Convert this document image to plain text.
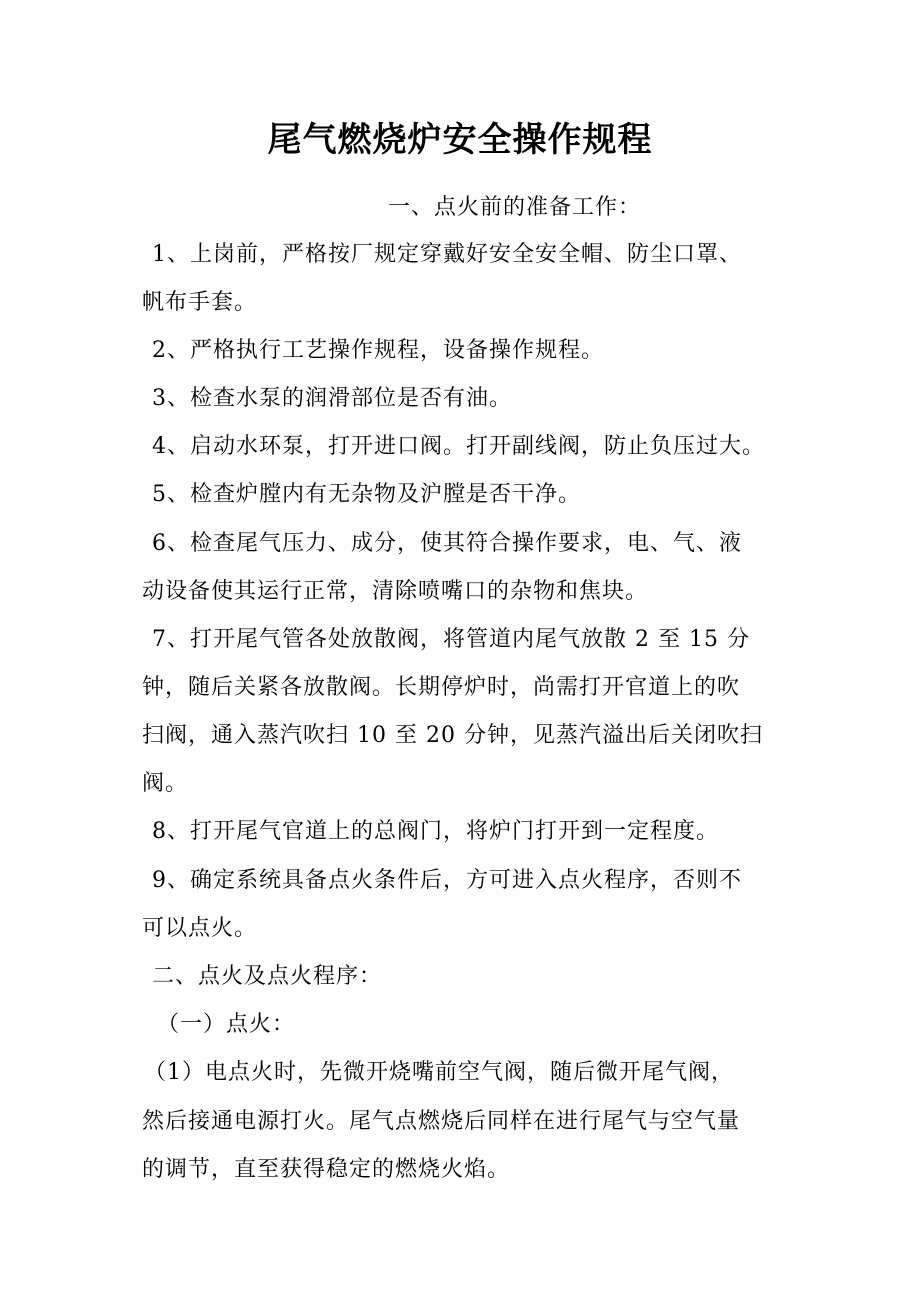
尾气燃烧炉安全操作规程
一、点火前的准备工作：
1、上岗前，严格按厂规定穿戴好安全安全帽、防尘口罩、
帆布手套。
2、严格执行工艺操作规程，设备操作规程。
3、检查水泵的润滑部位是否有油。
4、启动水环泵，打开进口阀。打开副线阀，防止负压过大。
5、检查炉膛内有无杂物及沪膛是否干净。
6、检查尾气压力、成分，使其符合操作要求，电、气、液
动设备使其运行正常，清除喷嘴口的杂物和焦块。
7、打开尾气管各处放散阀，将管道内尾气放散 2 至 15 分
钟，随后关紧各放散阀。长期停炉时，尚需打开官道上的吹
扫阀，通入蒸汽吹扫 10 至 20 分钟，见蒸汽溢出后关闭吹扫
阀。
8、打开尾气官道上的总阀门，将炉门打开到一定程度。
9、确定系统具备点火条件后，方可进入点火程序，否则不
可以点火。
二、点火及点火程序：
（一）点火：
（1）电点火时，先微开烧嘴前空气阀，随后微开尾气阀，
然后接通电源打火。尾气点燃烧后同样在进行尾气与空气量
的调节，直至获得稳定的燃烧火焰。
